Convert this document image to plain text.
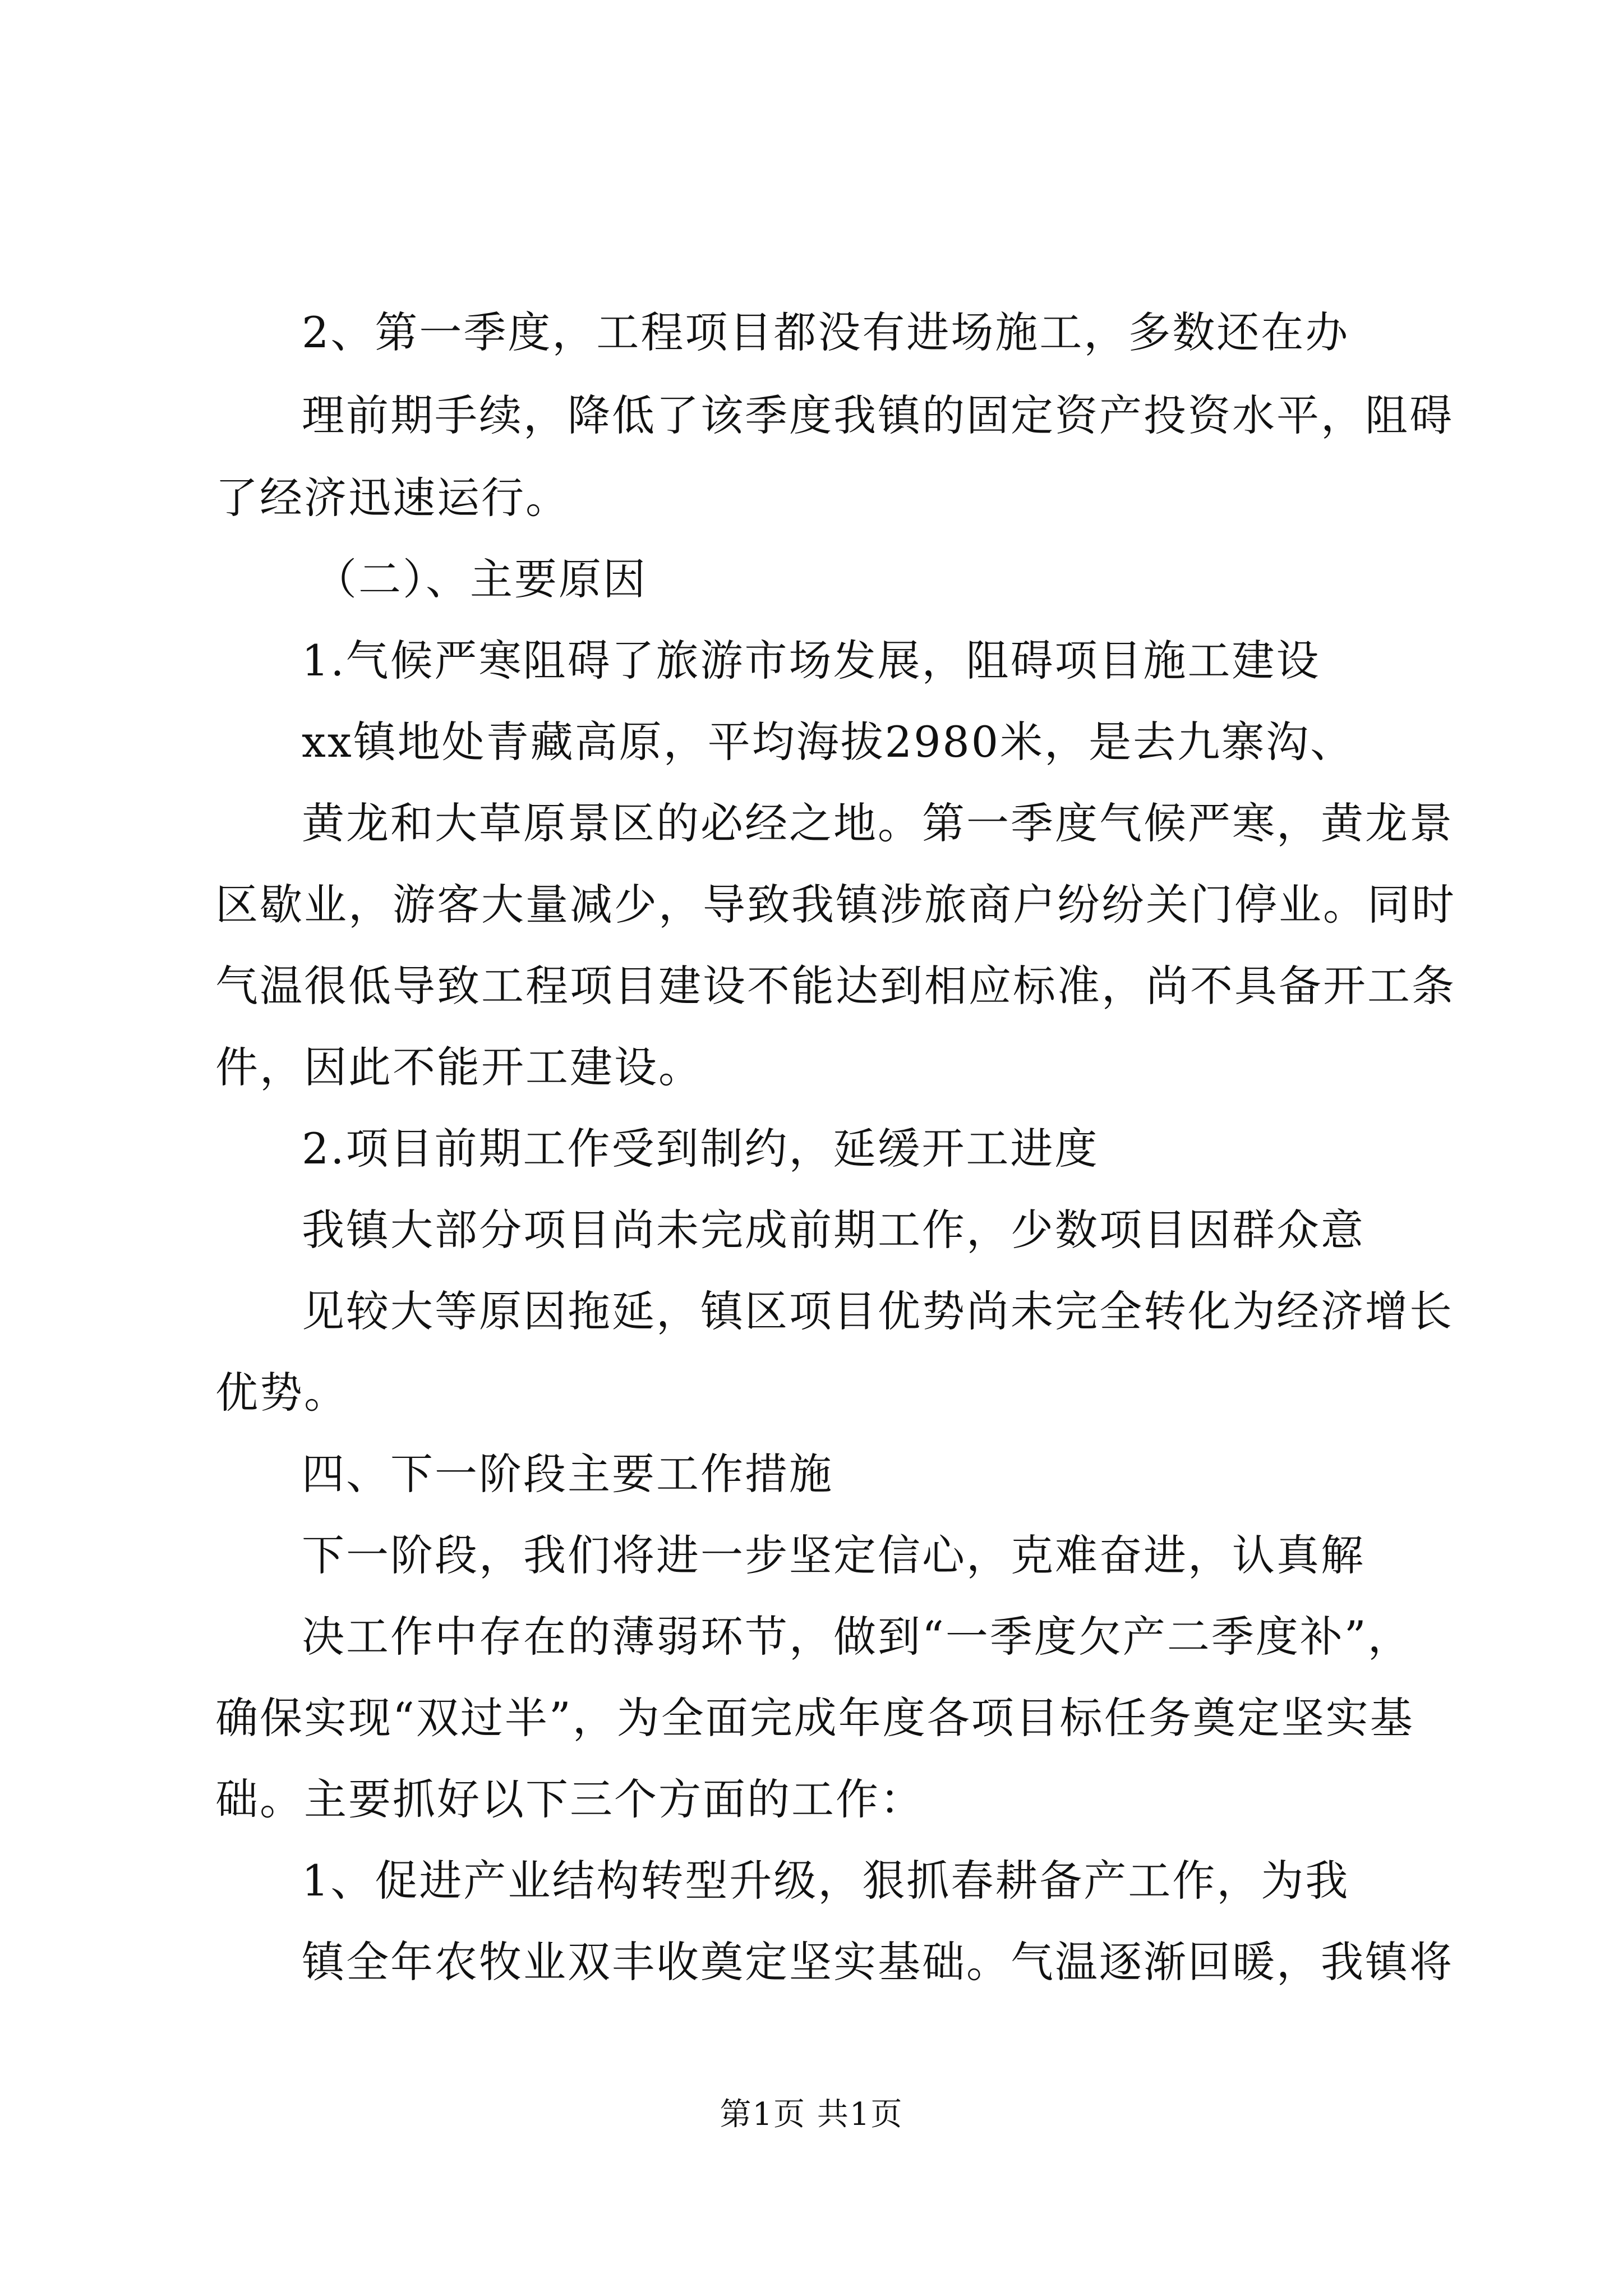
2、第一季度，工程项目都没有进场施工，多数还在办
理前期手续，降低了该季度我镇的固定资产投资水平，阻碍
了经济迅速运行。
（二）、主要原因
1.气候严寒阻碍了旅游市场发展，阻碍项目施工建设
xx镇地处青藏高原，平均海拔2980米，是去九寨沟、
黄龙和大草原景区的必经之地。第一季度气候严寒，黄龙景
区歇业，游客大量减少，导致我镇涉旅商户纷纷关门停业。同时
气温很低导致工程项目建设不能达到相应标准，尚不具备开工条
件，因此不能开工建设。
2.项目前期工作受到制约，延缓开工进度
我镇大部分项目尚未完成前期工作，少数项目因群众意
见较大等原因拖延，镇区项目优势尚未完全转化为经济增长
优势。
四、下一阶段主要工作措施
下一阶段，我们将进一步坚定信心，克难奋进，认真解
决工作中存在的薄弱环节，做到“一季度欠产二季度补”，
确保实现“双过半”，为全面完成年度各项目标任务奠定坚实基
础。主要抓好以下三个方面的工作：
1、促进产业结构转型升级，狠抓春耕备产工作，为我
镇全年农牧业双丰收奠定坚实基础。气温逐渐回暖，我镇将
第1页 共1页
